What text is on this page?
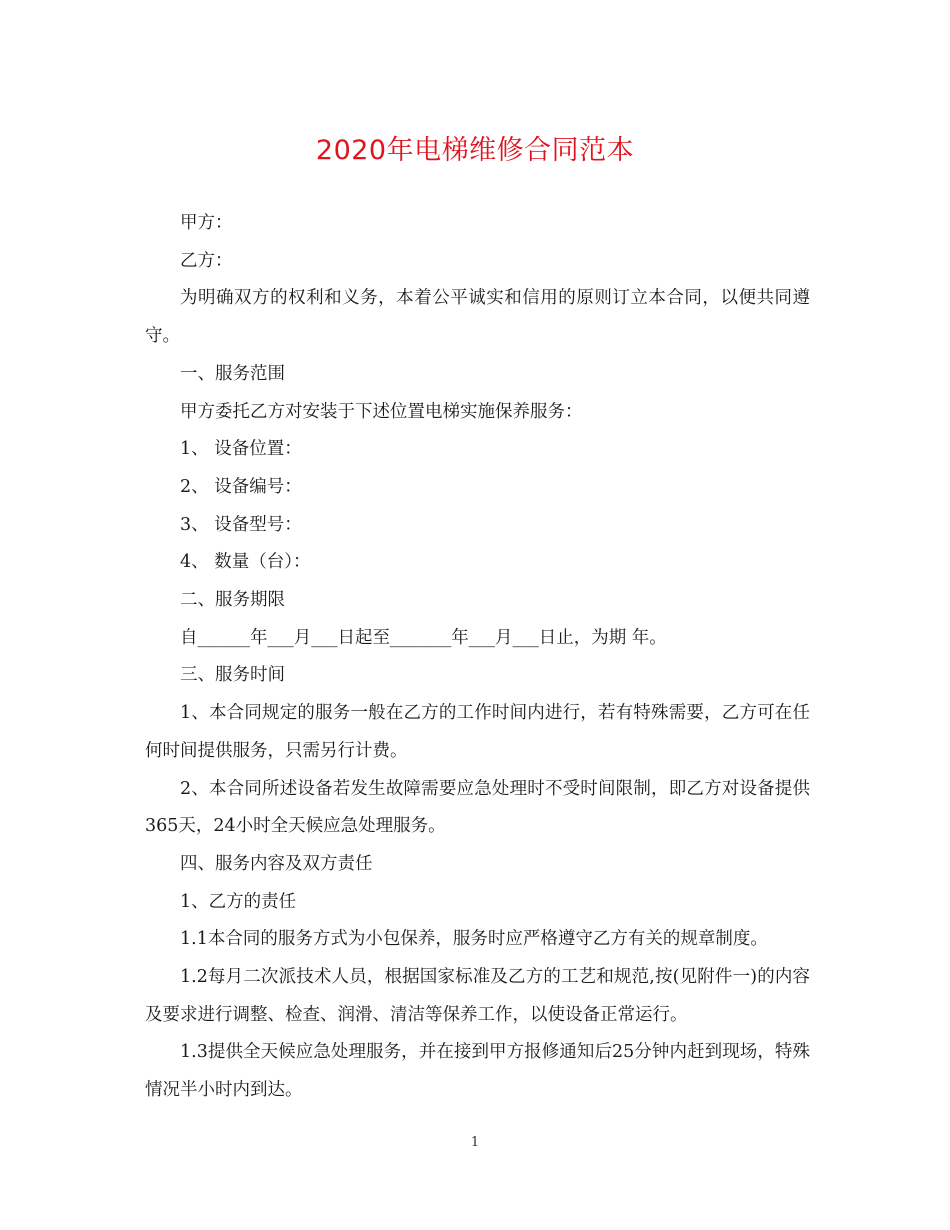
2020年电梯维修合同范本

甲方：

乙方：

为明确双方的权利和义务，本着公平诚实和信用的原则订立本合同，以便共同遵守。

一、服务范围

甲方委托乙方对安装于下述位置电梯实施保养服务：

1、 设备位置：

2、 设备编号：

3、 设备型号：

4、 数量（台）：

二、服务期限

自______年___月___日起至_______年___月___日止，为期 年。

三、服务时间

1、本合同规定的服务一般在乙方的工作时间内进行，若有特殊需要，乙方可在任何时间提供服务，只需另行计费。

2、本合同所述设备若发生故障需要应急处理时不受时间限制，即乙方对设备提供365天，24小时全天候应急处理服务。

四、服务内容及双方责任

1、乙方的责任

1.1本合同的服务方式为小包保养，服务时应严格遵守乙方有关的规章制度。

1.2每月二次派技术人员，根据国家标准及乙方的工艺和规范,按(见附件一)的内容及要求进行调整、检查、润滑、清洁等保养工作，以使设备正常运行。

1.3提供全天候应急处理服务，并在接到甲方报修通知后25分钟内赶到现场，特殊情况半小时内到达。

1
